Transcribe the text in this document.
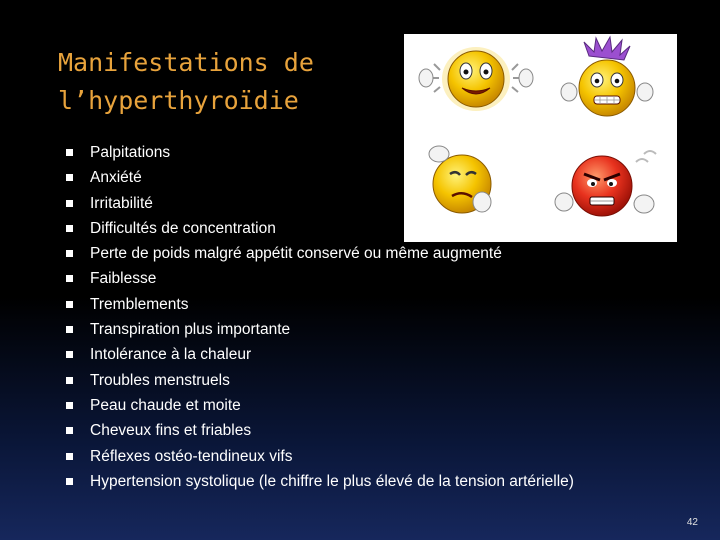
Manifestations de
l’hyperthyroïdie
Palpitations
Anxiété
Irritabilité
Difficultés de concentration
Perte de poids malgré appétit conservé ou même augmenté
Faiblesse
Tremblements
Transpiration plus importante
Intolérance à la chaleur
Troubles menstruels
Peau chaude et moite
Cheveux fins et friables
Réflexes ostéo-tendineux vifs
Hypertension systolique (le chiffre le plus élevé de la tension artérielle)
42
